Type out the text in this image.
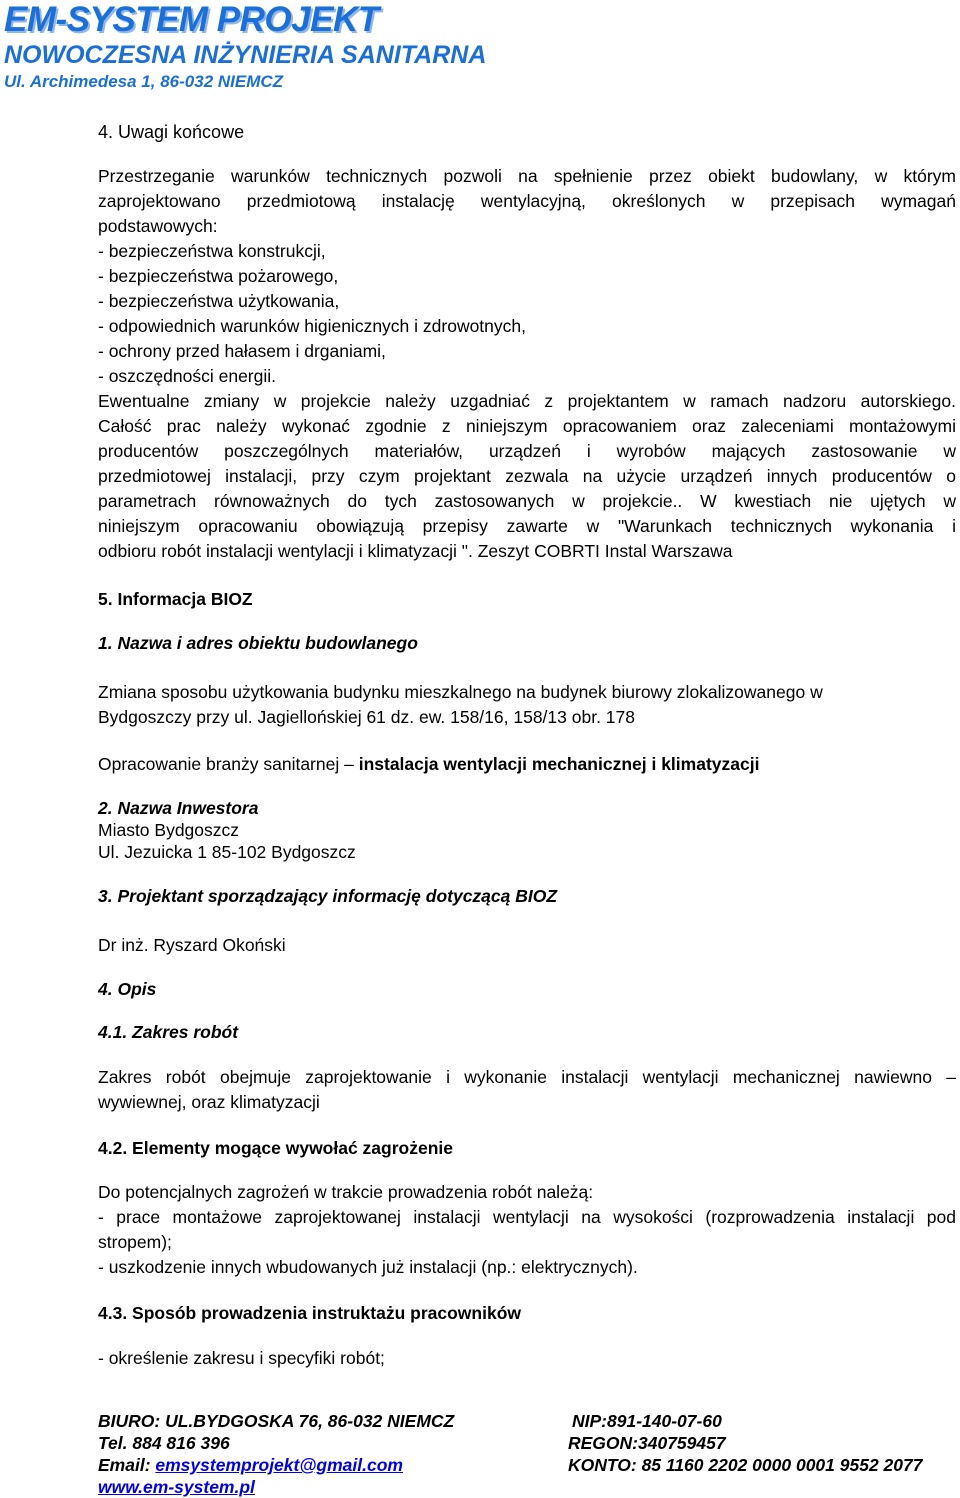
EM-SYSTEM PROJEKT
NOWOCZESNA INŻYNIERIA SANITARNA
Ul. Archimedesa 1, 86-032 NIEMCZ
4. Uwagi końcowe
Przestrzeganie warunków technicznych pozwoli na spełnienie przez obiekt budowlany, w którym
zaprojektowano przedmiotową instalację wentylacyjną, określonych w przepisach wymagań
podstawowych:
- bezpieczeństwa konstrukcji,
- bezpieczeństwa pożarowego,
- bezpieczeństwa użytkowania,
- odpowiednich warunków higienicznych i zdrowotnych,
- ochrony przed hałasem i drganiami,
- oszczędności energii.
Ewentualne zmiany w projekcie należy uzgadniać z projektantem w ramach nadzoru autorskiego.
Całość prac należy wykonać zgodnie z niniejszym opracowaniem oraz zaleceniami montażowymi
producentów poszczególnych materiałów, urządzeń i wyrobów mających zastosowanie w
przedmiotowej instalacji, przy czym projektant zezwala na użycie urządzeń innych producentów o
parametrach równoważnych do tych zastosowanych w projekcie.. W kwestiach nie ujętych w
niniejszym opracowaniu obowiązują przepisy zawarte w "Warunkach technicznych wykonania i
odbioru robót instalacji wentylacji i klimatyzacji ". Zeszyt COBRTI Instal Warszawa
5. Informacja BIOZ
1. Nazwa i adres obiektu budowlanego
Zmiana sposobu użytkowania budynku mieszkalnego na budynek biurowy zlokalizowanego w
Bydgoszczy przy ul. Jagiellońskiej 61 dz. ew. 158/16, 158/13 obr. 178
Opracowanie branży sanitarnej – instalacja wentylacji mechanicznej i klimatyzacji
2. Nazwa Inwestora
Miasto Bydgoszcz
Ul. Jezuicka 1 85-102 Bydgoszcz
3. Projektant sporządzający informację dotyczącą BIOZ
Dr inż. Ryszard Okoński
4. Opis
4.1. Zakres robót
Zakres robót obejmuje zaprojektowanie i wykonanie instalacji wentylacji mechanicznej nawiewno –
wywiewnej, oraz klimatyzacji
4.2. Elementy mogące wywołać zagrożenie
Do potencjalnych zagrożeń w trakcie prowadzenia robót należą:
- prace montażowe zaprojektowanej instalacji wentylacji na wysokości (rozprowadzenia instalacji pod
stropem);
- uszkodzenie innych wbudowanych już instalacji (np.: elektrycznych).
4.3. Sposób prowadzenia instruktażu pracowników
- określenie zakresu i specyfiki robót;
BIURO: UL.BYDGOSKA 76, 86-032 NIEMCZ	NIP:891-140-07-60
Tel. 884 816 396	REGON:340759457
Email: emsystemprojekt@gmail.com	KONTO: 85 1160 2202 0000 0001 9552 2077
www.em-system.pl
